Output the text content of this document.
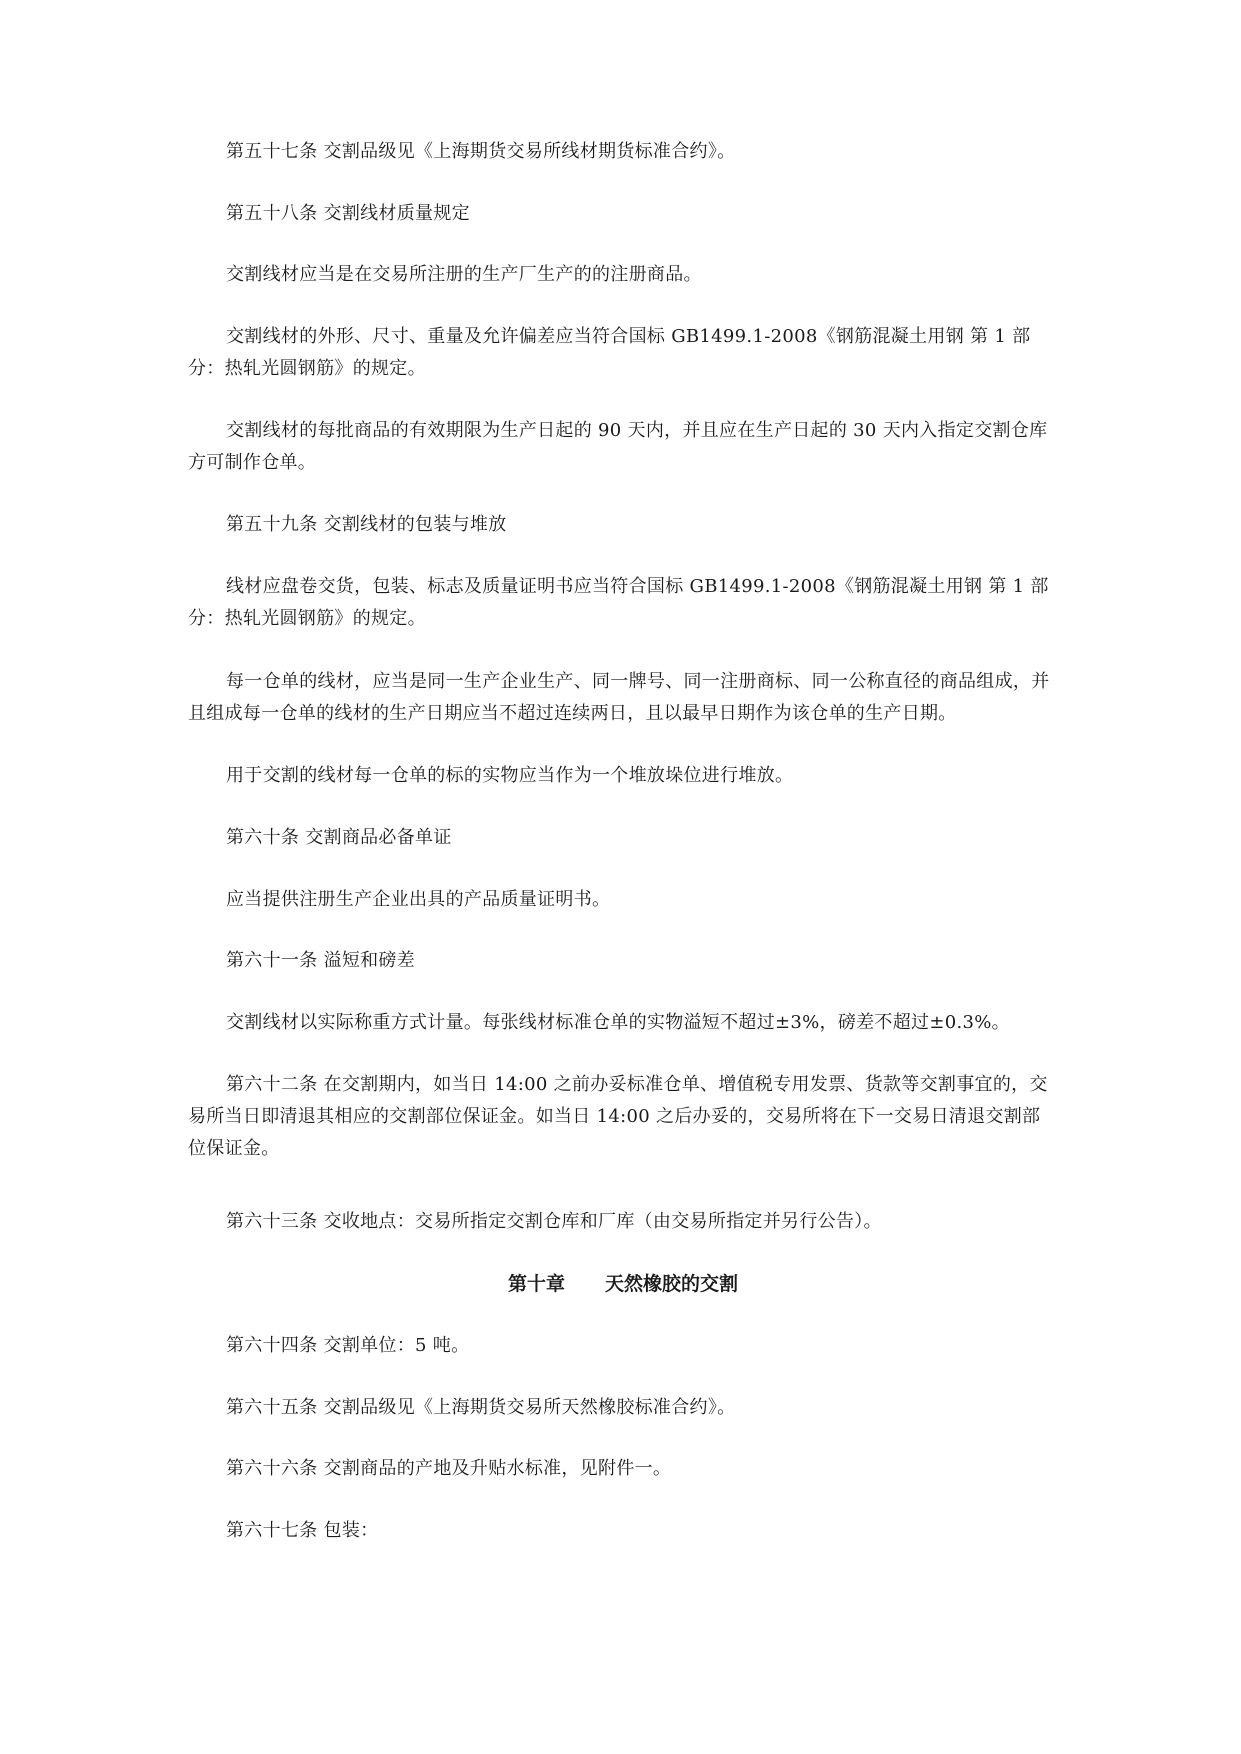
第五十七条 交割品级见《上海期货交易所线材期货标准合约》。

第五十八条 交割线材质量规定

交割线材应当是在交易所注册的生产厂生产的的注册商品。

交割线材的外形、尺寸、重量及允许偏差应当符合国标 GB1499.1-2008《钢筋混凝土用钢 第 1 部分：热轧光圆钢筋》的规定。

交割线材的每批商品的有效期限为生产日起的 90 天内，并且应在生产日起的 30 天内入指定交割仓库方可制作仓单。

第五十九条 交割线材的包装与堆放

线材应盘卷交货，包装、标志及质量证明书应当符合国标 GB1499.1-2008《钢筋混凝土用钢 第 1 部分：热轧光圆钢筋》的规定。

每一仓单的线材，应当是同一生产企业生产、同一牌号、同一注册商标、同一公称直径的商品组成，并且组成每一仓单的线材的生产日期应当不超过连续两日，且以最早日期作为该仓单的生产日期。

用于交割的线材每一仓单的标的实物应当作为一个堆放垛位进行堆放。

第六十条 交割商品必备单证

应当提供注册生产企业出具的产品质量证明书。

第六十一条 溢短和磅差

交割线材以实际称重方式计量。每张线材标准仓单的实物溢短不超过±3%，磅差不超过±0.3%。

第六十二条 在交割期内，如当日 14:00 之前办妥标准仓单、增值税专用发票、货款等交割事宜的，交易所当日即清退其相应的交割部位保证金。如当日 14:00 之后办妥的，交易所将在下一交易日清退交割部位保证金。

第六十三条 交收地点：交易所指定交割仓库和厂库（由交易所指定并另行公告）。

第十章 天然橡胶的交割

第六十四条 交割单位：5 吨。

第六十五条 交割品级见《上海期货交易所天然橡胶标准合约》。

第六十六条 交割商品的产地及升贴水标准，见附件一。

第六十七条 包装：
